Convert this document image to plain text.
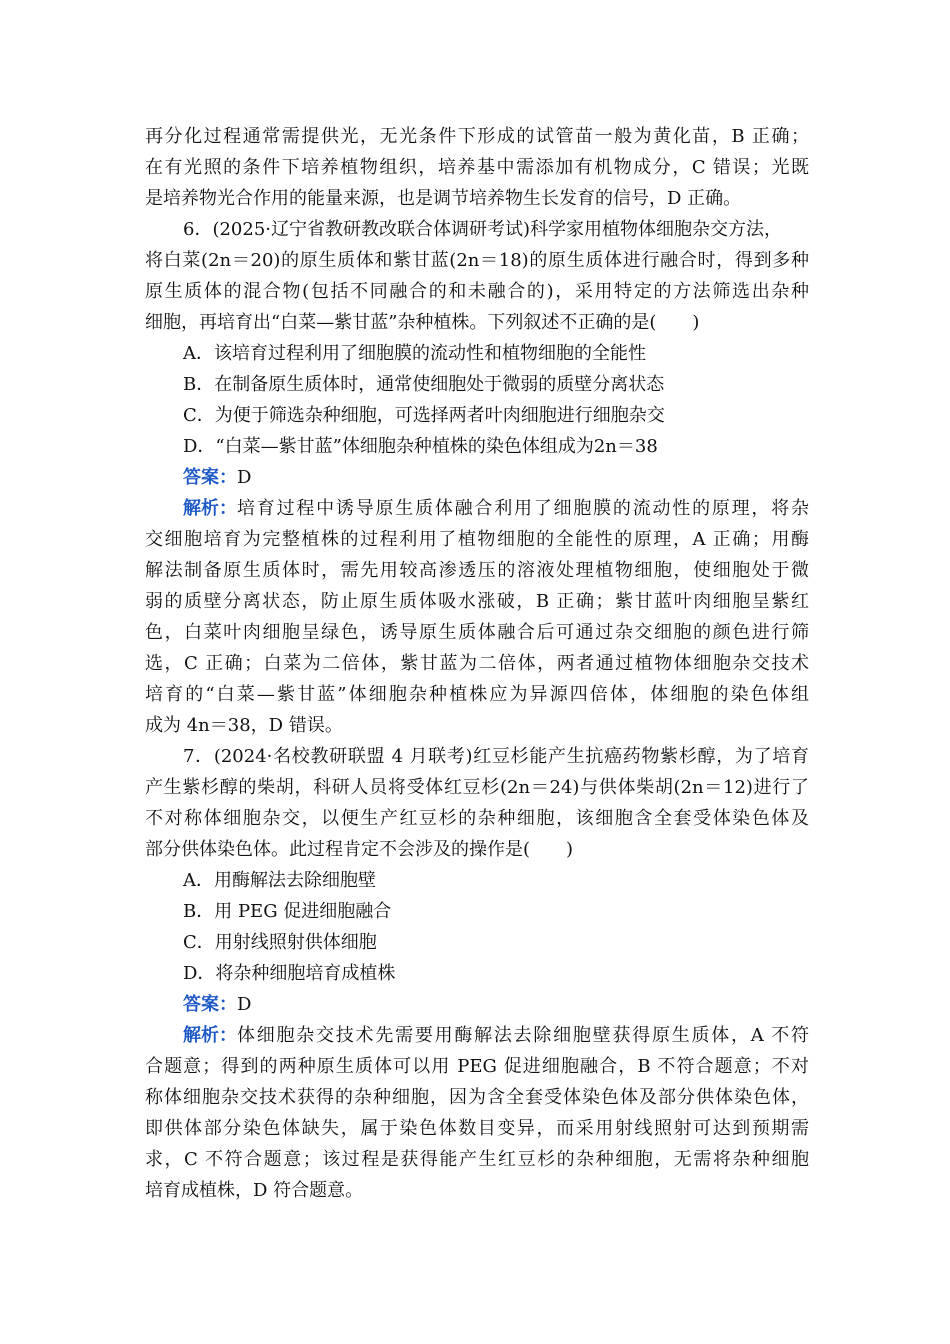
再分化过程通常需提供光，无光条件下形成的试管苗一般为黄化苗，B 正确；
在有光照的条件下培养植物组织，培养基中需添加有机物成分，C 错误；光既
是培养物光合作用的能量来源，也是调节培养物生长发育的信号，D 正确。
6．(2025·辽宁省教研教改联合体调研考试)科学家用植物体细胞杂交方法，
将白菜(2n＝20)的原生质体和紫甘蓝(2n＝18)的原生质体进行融合时，得到多种
原生质体的混合物(包括不同融合的和未融合的)，采用特定的方法筛选出杂种
细胞，再培育出“白菜—紫甘蓝”杂种植株。下列叙述不正确的是(　　)
A．该培育过程利用了细胞膜的流动性和植物细胞的全能性
B．在制备原生质体时，通常使细胞处于微弱的质壁分离状态
C．为便于筛选杂种细胞，可选择两者叶肉细胞进行细胞杂交
D．“白菜—紫甘蓝”体细胞杂种植株的染色体组成为2n＝38
答案：D
解析： 培育过程中诱导原生质体融合利用了细胞膜的流动性的原理，将杂
交细胞培育为完整植株的过程利用了植物细胞的全能性的原理，A 正确；用酶
解法制备原生质体时，需先用较高渗透压的溶液处理植物细胞，使细胞处于微
弱的质壁分离状态，防止原生质体吸水涨破，B 正确；紫甘蓝叶肉细胞呈紫红
色，白菜叶肉细胞呈绿色，诱导原生质体融合后可通过杂交细胞的颜色进行筛
选，C 正确；白菜为二倍体，紫甘蓝为二倍体，两者通过植物体细胞杂交技术
培育的“白菜—紫甘蓝”体细胞杂种植株应为异源四倍体，体细胞的染色体组
成为 4n＝38，D 错误。
7．(2024·名校教研联盟 4 月联考)红豆杉能产生抗癌药物紫杉醇，为了培育
产生紫杉醇的柴胡，科研人员将受体红豆杉(2n＝24)与供体柴胡(2n＝12)进行了
不对称体细胞杂交，以便生产红豆杉的杂种细胞，该细胞含全套受体染色体及
部分供体染色体。此过程肯定不会涉及的操作是(　　)
A．用酶解法去除细胞壁
B．用 PEG 促进细胞融合
C．用射线照射供体细胞
D．将杂种细胞培育成植株
答案：D
解析： 体细胞杂交技术先需要用酶解法去除细胞壁获得原生质体，A 不符
合题意；得到的两种原生质体可以用 PEG 促进细胞融合，B 不符合题意；不对
称体细胞杂交技术获得的杂种细胞，因为含全套受体染色体及部分供体染色体，
即供体部分染色体缺失，属于染色体数目变异，而采用射线照射可达到预期需
求，C 不符合题意；该过程是获得能产生红豆杉的杂种细胞，无需将杂种细胞
培育成植株，D 符合题意。
